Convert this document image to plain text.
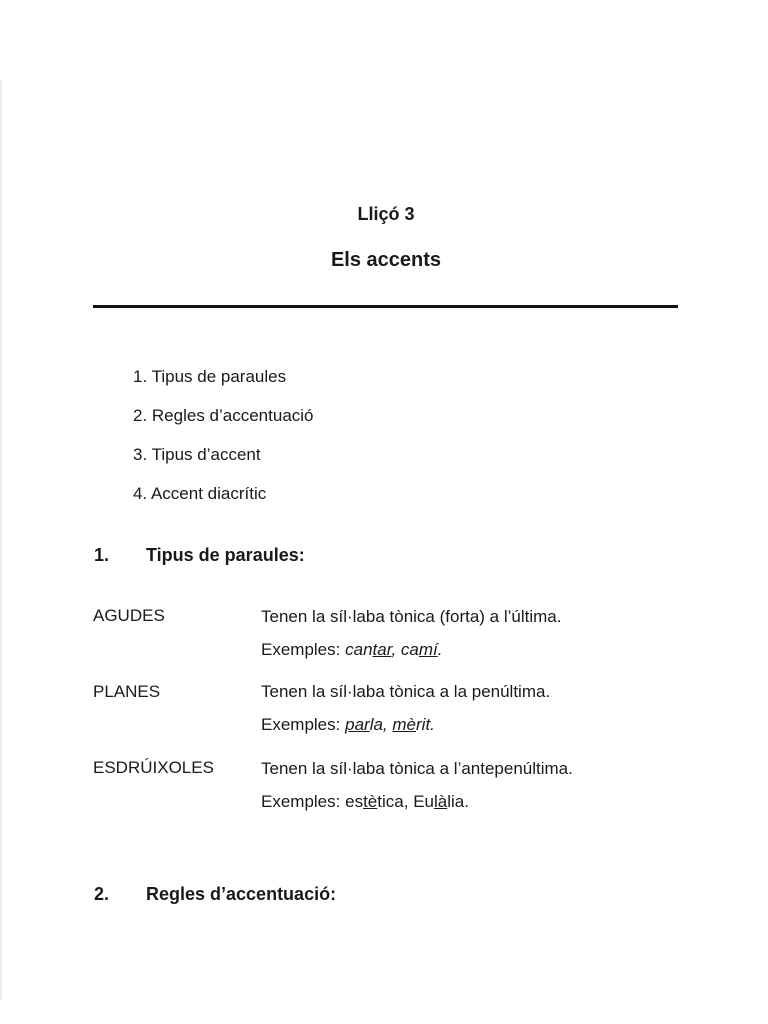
Lliçó 3
Els accents
1. Tipus de paraules
2. Regles d’accentuació
3. Tipus d’accent
4. Accent diacrític
1. Tipus de paraules:
AGUDES	Tenen la síl·laba tònica (forta) a l’última.
Exemples: cantar, camí.
PLANES	Tenen la síl·laba tònica a la penúltima.
Exemples: parla, mèrit.
ESDRÚIXOLES	Tenen la síl·laba tònica a l’antepenúltima.
Exemples: estètica, Eulàlia.
2. Regles d’accentuació:
